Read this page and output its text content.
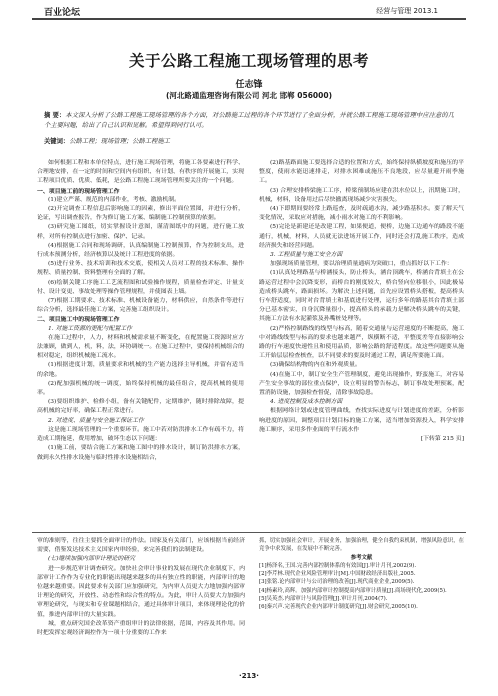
百业论坛	经营与管理 2013.1
关于公路工程施工现场管理的思考
任志锋
(河北路通监理咨询有限公司 河北 邯郸 056000)
摘 要：本文深入分析了公路工程施工现场管理的各个方面，对公路施工过程的各个环节进行了全面分析，并就公路工程施工现场管理中应注意的几个主要问题，给出了自己认识和见解。希望得到同行认可。
关键词：公路工程；现场管理；公路工程施工

如何根据工程和本单位特点，进行施工现场管理，将施工各要素进行科学、合理地安排，在一定的时间和空间内有组织、有计划、有秩序的开展施工，实现工程项目优质、优质、低耗，是公路工程施工现场管理所要关注的一个问题。

一、项目施工前的现场管理工作

(1)建立严谨、规范的内部作业，考核、激励机制。

(2)开完调查工程信息后影响施工的因素，修出平面位置图，并进行分析，论证，写出调查报告，作为修订施工方案、编制施工控制预算的依据。

(3)研究施工图纸，切实掌握设计意图，谨清图纸中的问题，进行施工放样，对所有控制点进行加密、保护、记录。

(4)根据施工合同和现场调研，认真编制施工控制预算，作为控制支出，进行成本预测分析，经济核算以及统计工程进度的依据。

(5)进行业务、技术培训和技术交底，使相关人员对工程的技术标准、操作规程、质量控制、资料整理有全面的了解。

(6)绘制关键工序施工工艺流程图和试验操作规程，质量检查评定、计量支付、设计变更、事故处理等操作管理规程，并使图表上墙。

(7)根据工期要求、技术标准、机械设备能力，材料供应，自然条件等进行综合分析，选择最佳施工方案，完善施工组织设计。

二、项目施工中的现场管理工作

1. 对施工资源的更配与配置工作

在施工过程中，人力，材料和机械需求量不断变化，在配置施工资源时应方法兼顾，做到人，机，料，法，环协调统一。在施工过程中，要保持机械组合的相对稳定，组织机械施工流水。

(1)根据进度计划，质量要求和机械的生产能力选择主导机械，并留有适当的余地。

(2)配加强机械的统一调度，始终保持机械的最佳组合，提高机械的使用率。

(3)要组织维护、检修小组，备有关键配件，定期维护，随时排除故障，提高机械的完好率，确保工程正常进行。

2. 对进度、质量与安全施工保证工作

这是施工现场管理的一个重要环节。施工中若对防洪排水工作有疏不力，将造成工期拖延，费用增加，破坏生态以下问题：

(1)施工前，要结合施工方案和施工图中的排水设计，制订防洪排水方案，做到永久性排水设施与临时性排水设施相结合，

(2)路基路面施工要选择合适的位置和方式，始终保持纵横坡度和施压的平整度，使雨水能迅速排走，对排水困难或施压不良地段，应尽量避开雨季施工。

(3) 合理安排桥梁施工工序，桥梁预制场应建在洪水位以上，汛期施工时，机械，材料，设备用过后尽快撤离现场减少灾害损失。

(4)下即期间要经常上路巡查，及时疏通水沟，减少路基积水。要了解天气变化情况，采取应对措施，减小雨水对施工的不利影响。

(5)完论是新建还是改建工程，如果便道，便桥，边施工边通车的路段不能通行，机械，材料，人员就无法进场开展工作，同时还会打乱施工秩序，造成经济损失和经营问题。

3. 工程质量与施工安全方面

加强现场质量管理，要以治理质量通病为突破口，重点抓好以下工作：

(1)认真处理路基与桥涵接头，防止桥头，涵台顶跳车，桥涵台背填土在公路运营过程中会沉降变形，而桥台的刚度较大，桥台竖向位移很小，因此极易造成桥头跳车，路面损坏。为解决上述问题，首先应设置桥头搭板，提高桥头行车舒适度，同时对台背填土和基底进行处理，运行多年的路基其台背填土部分已基本密实，自身沉降量很小，提高桥头的承载力是解决桥头跳车的关键，其施工方法有水泥灌浆及孙嘴桩处理等。

(2)严格控制路线的线型与标高，随着交通量与运营速度的不断提高，施工中对路线线型与标高的要求也越来越严，纵横断不适，平整度差等直接影响公路的行车速度快速性且和使用品质，影响公路的舒适程度。故这些问题要从施工开始层层检查核查，以不同要求的要及时通过工程，满足所要施工面。

(3)确保结构物的内在和外观质量。

(4)在施工中，制订安全生产管理制度，避免出现操作，野蛮施工，对容易产生安全事故的部位重点保护，设立明显的警告标志，制订事故处理预案，配置消防设施，加强检查督促，清除事故隐患。

4. 进度控制及成本控制方面

根据网络计划或进度管理曲线，查找实际进度与计划进度的差距，分析影响进度的原因，调整项目计划目标的施工方案，适当增加资源投入，科学安排施工顺序，采用多作业面的平行流水作

[下转第 215 页]

审的准则等，往往主要抓全面审计的作法。国家及有关部门，应该根据当前经济需要，借鉴发达技术主义国家内审经验，来完善我们的法制建设。

(七)继续加强内部审计理论的研究

进一步规范审计调查研究。加快社会审计事业的发展在现代企业制度下，内部审计工作作为专业化的职能出现越来越多的具有独立性的职能，内部审计的地位越来越重要。因此要求有关部门应加强研究，为内审人员更大力地加强内部审计理论的研究，开放性、动态性和综合性的特点。为此，审计人员要大力加强内审理论研究，与现实和专业课题相结合，通过具体审计项目，来体现理论化的价值，推进内部审计的大量实践。

城，重点研究国企改革资产重组审计的法律依据，范围，内容及其作用。同时把发挥宏观经济调控作为一项十分重要的工作来

抓，切实加强社会审计，开展业务，加强治理，健全自我约束机制，增强风险意识，在竞争中求发展，在发展中不断完善。

参考文献

[1]杨泽名,王国.完善内部控制体系的有效国[J].审计月刊,2002(9).

[2]李芹林.现代企业风险管理审计[M].中国财政经济出版社,2005.

[3]张铭.论内部审计与公司治理的改善[J].现代商业企业,2009(5).

[4]杨素玲,高辉。加强内部审计控制提高内部审计质量[J].商场现代化,2009(5).

[5]吴英杰.内部审计与风险管理[J].审计月刊,2004(7).

[6]秦兴声.完善现代企业内部审计制度研究[J].财会研究,2005(10).

·213·
